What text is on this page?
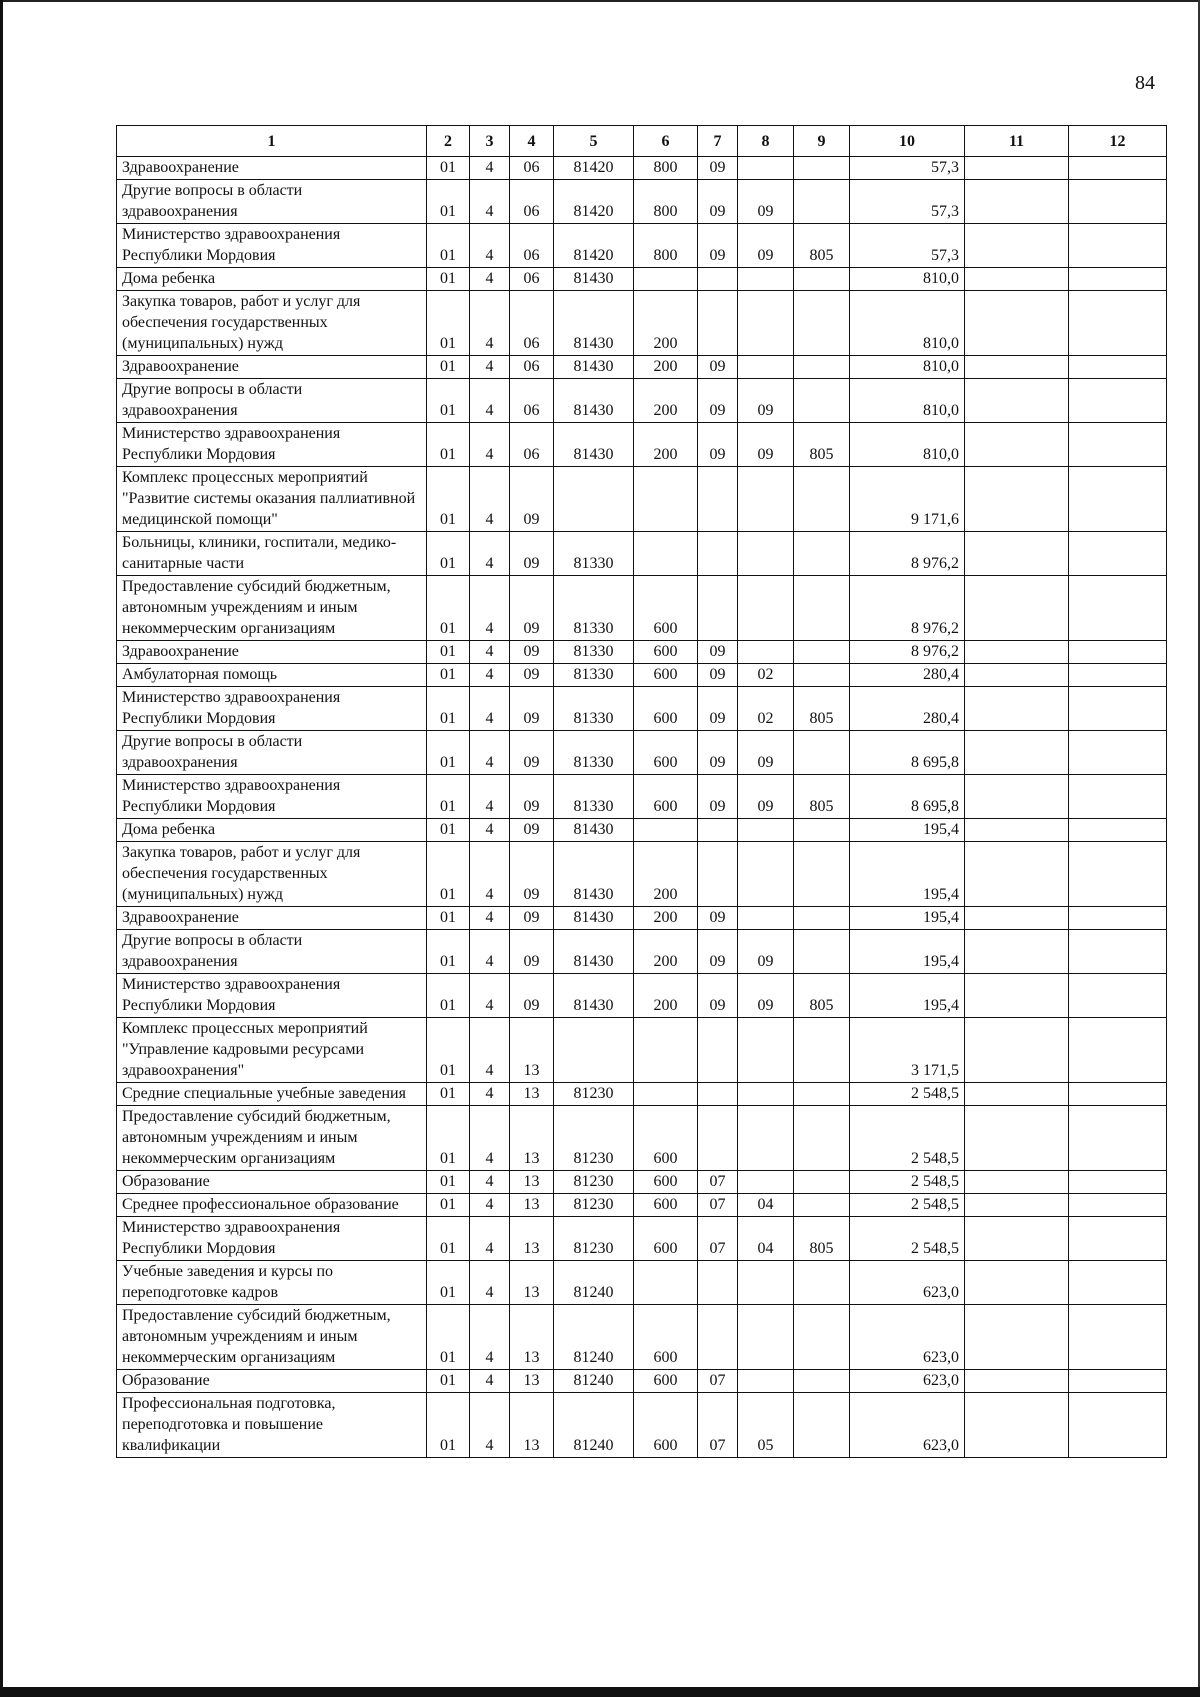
84
1	2	3	4	5	6	7	8	9	10	11	12
Здравоохранение	01	4	06	81420	800	09			57,3		
Другие вопросы в области здравоохранения	01	4	06	81420	800	09	09		57,3		
Министерство здравоохранения Республики Мордовия	01	4	06	81420	800	09	09	805	57,3		
Дома ребенка	01	4	06	81430					810,0		
Закупка товаров, работ и услуг для обеспечения государственных (муниципальных) нужд	01	4	06	81430	200				810,0		
Здравоохранение	01	4	06	81430	200	09			810,0		
Другие вопросы в области здравоохранения	01	4	06	81430	200	09	09		810,0		
Министерство здравоохранения Республики Мордовия	01	4	06	81430	200	09	09	805	810,0		
Комплекс процессных мероприятий "Развитие системы оказания паллиативной медицинской помощи"	01	4	09						9 171,6		
Больницы, клиники, госпитали, медико-санитарные части	01	4	09	81330					8 976,2		
Предоставление субсидий бюджетным, автономным учреждениям и иным некоммерческим организациям	01	4	09	81330	600				8 976,2		
Здравоохранение	01	4	09	81330	600	09			8 976,2		
Амбулаторная помощь	01	4	09	81330	600	09	02		280,4		
Министерство здравоохранения Республики Мордовия	01	4	09	81330	600	09	02	805	280,4		
Другие вопросы в области здравоохранения	01	4	09	81330	600	09	09		8 695,8		
Министерство здравоохранения Республики Мордовия	01	4	09	81330	600	09	09	805	8 695,8		
Дома ребенка	01	4	09	81430					195,4		
Закупка товаров, работ и услуг для обеспечения государственных (муниципальных) нужд	01	4	09	81430	200				195,4		
Здравоохранение	01	4	09	81430	200	09			195,4		
Другие вопросы в области здравоохранения	01	4	09	81430	200	09	09		195,4		
Министерство здравоохранения Республики Мордовия	01	4	09	81430	200	09	09	805	195,4		
Комплекс процессных мероприятий "Управление кадровыми ресурсами здравоохранения"	01	4	13						3 171,5		
Средние специальные учебные заведения	01	4	13	81230					2 548,5		
Предоставление субсидий бюджетным, автономным учреждениям и иным некоммерческим организациям	01	4	13	81230	600				2 548,5		
Образование	01	4	13	81230	600	07			2 548,5		
Среднее профессиональное образование	01	4	13	81230	600	07	04		2 548,5		
Министерство здравоохранения Республики Мордовия	01	4	13	81230	600	07	04	805	2 548,5		
Учебные заведения и курсы по переподготовке кадров	01	4	13	81240					623,0		
Предоставление субсидий бюджетным, автономным учреждениям и иным некоммерческим организациям	01	4	13	81240	600				623,0		
Образование	01	4	13	81240	600	07			623,0		
Профессиональная подготовка, переподготовка и повышение квалификации	01	4	13	81240	600	07	05		623,0		
